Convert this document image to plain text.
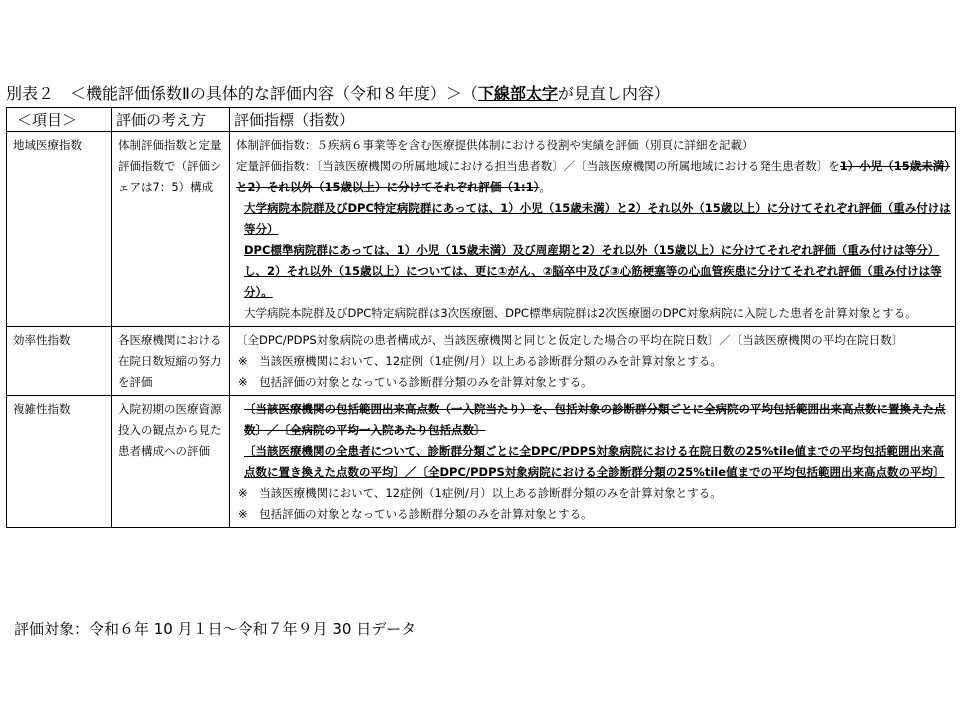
別表２　＜機能評価係数Ⅱの具体的な評価内容（令和８年度）＞（下線部太字が見直し内容）
＜項目＞	評価の考え方	評価指標（指数）
地域医療指数	体制評価指数と定量評価指数で（評価シェアは7：5）構成	体制評価指数：５疾病６事業等を含む医療提供体制における役割や実績を評価（別頁に詳細を記載）

定量評価指数：〔当該医療機関の所属地域における担当患者数〕／〔当該医療機関の所属地域における発生患者数〕を1）小児（15歳未満）と2）それ以外（15歳以上）に分けてそれぞれ評価（1:1）。

大学病院本院群及びDPC特定病院群にあっては、1）小児（15歳未満）と2）それ以外（15歳以上）に分けてそれぞれ評価（重み付けは等分）

DPC標準病院群にあっては、1）小児（15歳未満）及び周産期と2）それ以外（15歳以上）に分けてそれぞれ評価（重み付けは等分）し、2）それ以外（15歳以上）については、更に①がん、②脳卒中及び③心筋梗塞等の心血管疾患に分けてそれぞれ評価（重み付けは等分）。

大学病院本院群及びDPC特定病院群は3次医療圏、DPC標準病院群は2次医療圏のDPC対象病院に入院した患者を計算対象とする。

効率性指数	各医療機関における在院日数短縮の努力を評価	〔全DPC/PDPS対象病院の患者構成が、当該医療機関と同じと仮定した場合の平均在院日数〕／〔当該医療機関の平均在院日数〕

※　当該医療機関において、12症例（1症例/月）以上ある診断群分類のみを計算対象とする。

※　包括評価の対象となっている診断群分類のみを計算対象とする。

複雑性指数	入院初期の医療資源投入の観点から見た患者構成への評価	〔当該医療機関の包括範囲出来高点数（一入院当たり）を、包括対象の診断群分類ごとに全病院の平均包括範囲出来高点数に置換えた点数〕／〔全病院の平均一入院あたり包括点数〕

〔当該医療機関の全患者について、診断群分類ごとに全DPC/PDPS対象病院における在院日数の25%tile値までの平均包括範囲出来高点数に置き換えた点数の平均〕／〔全DPC/PDPS対象病院における全診断群分類の25%tile値までの平均包括範囲出来高点数の平均〕

※　当該医療機関において、12症例（1症例/月）以上ある診断群分類のみを計算対象とする。

※　包括評価の対象となっている診断群分類のみを計算対象とする。

評価対象：令和６年 10 月１日～令和７年９月 30 日データ
